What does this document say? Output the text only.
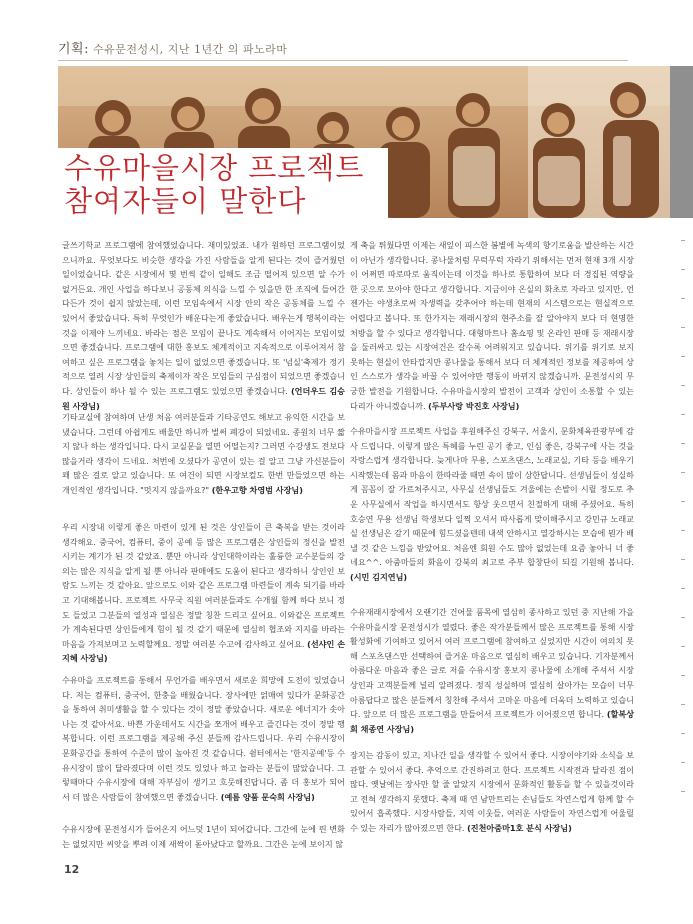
기획: 수유문전성시, 지난 1년간 의 파노라마
수유마을시장 프로젝트
참여자들이 말한다

글쓰기학교 프로그램에 참여했었습니다. 재미있었죠. 내가 원하던 프로그램이었으니까요. 무엇보다도 비슷한 생각을 가진 사람들을 알게 된다는 것이 즐거웠던 일이었습니다. 같은 시장에서 몇 번씩 같이 일해도 조금 떨어져 있으면 알 수가 없거든요. 개인 사업을 하다보니 공동체 의식을 느낄 수 있을만 한 조직에 들어간다든가 것이 쉽지 않았는데, 이런 모임속에서 시장 안의 작은 공동체를 느낄 수 있어서 좋았습니다. 특히 무엇인가 배운다는게 좋았습니다. 배우는게 행복이라는 것을 이제야 느끼네요. 바라는 점은 모임이 끝나도 계속해서 이어지는 모임이었으면 좋겠습니다. 프로그램에 대한 홍보도 체계적이고 지속적으로 이루어져서 참여하고 싶은 프로그램을 놓치는 일이 없었으면 좋겠습니다. 또 '넘실'축제가 정기적으로 열려 시장 상인들의 축제이자 작은 모임들의 구심점이 되었으면 좋겠습니다. 상인들이 하나 될 수 있는 프로그램도 있었으면 좋겠습니다. (언더우드 김승원 사장님)

기타교실에 참여하며 난생 처음 여러분들과 기타공연도 해보고 유익한 시간을 보냈습니다. 그런데 아쉽게도 배울만 하니까 벌써 폐강이 되었네요. 종원치 너무 짧지 않나 하는 생각입니다. 다시 교실문을 열면 어떨는지? 그러면 수강생도 전보다 많을거라 생각이 드네요. 처번에 오셨다가 공연이 있는 걸 알고 그냥 가신분들이 꽤 많은 걸로 알고 있습니다. 또 여건이 되면 시장보컬도 한번 만들었으면 하는 개인적인 생각입니다. "멋지지 않을까요?" (한우고향 차영범 사장님)

우리 시장내 이렇게 좋은 마련이 있게 된 것은 상인들이 큰 축복을 받는 것이라 생각해요. 중국어, 컴퓨터, 중이 공예 등 많은 프로그램은 상인들의 정신을 발전 시키는 계기가 된 것 같았죠. 뿐만 아니라 상인대학이라는 훌륭한 교수분들의 강의는 많은 지식을 알게 될 뿐 아니라 판매에도 도움이 된다고 생각하니 상인인 보람도 느끼는 것 같아요. 앞으로도 이와 같은 프로그램 마련들이 계속 되기를 바라고 기대해봅니다. 프로젝트 사무국 직원 여러분들과도 수개월 함께 하다 보니 정도 들었고 그분들의 열성과 열심은 정말 칭찬 드리고 싶어요. 이와같은 프로젝트가 계속된다면 상인들에게 힘이 될 것 같기 때문에 열심히 협조와 지지를 바라는 마음을 가져보며고 노력할께요. 정말 여러분 수고에 감사하고 싶어요. (선샤인 손지혜 사장님)

수유마을 프로젝트를 통해서 무언가를 배우면서 새로운 희망에 도전이 있었습니다. 저는 컴퓨터, 중국어, 한충을 배웠습니다. 장사에만 얽매여 있다가 문화공간을 통하여 취미생활을 할 수 있다는 것이 정말 좋았습니다. 새로운 에너지가 솟아나는 것 같아서요. 바쁜 가운데서도 시간을 쪼개어 배우고 즐긴다는 것이 정말 행복합니다. 이런 프로그램을 제공해 주신 분들께 감사드립니다. 우리 수유시장이 문화공간을 통하여 수준이 많이 높아진 것 같습니다. 쉼터에서는 '한지공예'등 수유시장이 많이 달라졌다며 이런 것도 있었나 하고 놀라는 분들이 많았습니다. 그렇때마다 수유시장에 대해 자부심이 생기고 흐뭇해진답니다. 좀 더 홍보가 되어서 더 많은 사람들이 참여했으면 좋겠습니다. (예름 양품 문숙희 사장님)

수유시장에 문전성시가 들어온지 어느덧 1년이 되어갑니다. 그간에 눈에 띈 변화는 없었지만 씨앗을 뿌려 이제 새싹이 돋아났다고 할까요. 그간은 눈에 보이지 않

게 축을 튀웠다면 이제는 새잎이 피스한 봄볕에 녹색의 향기로움을 발산하는 시간이 아닌가 생각합니다. 콩나물처럼 무럭무럭 자라기 위해서는 먼저 현재 3개 시장이 어쩌면 따로따로 움직이는데 이것을 하나로 통합하여 보다 더 경집된 역량을 한 곳으로 모아야 한다고 생각합니다. 지금이야 온실의 화초로 자라고 있지만, 언젠가는 야생초로써 자생력을 갖추어야 하는데 현재의 시스템으로는 현실적으로 어렵다고 봅니다. 또 한가지는 재래시장의 현주소를 잘 알아야지 보다 더 현명한 처방을 할 수 있다고 생각합니다. 대형마트나 홈쇼핑 및 온라인 판매 등 재래시장을 둘러싸고 있는 시장여건은 갈수록 어려워지고 있습니다. 위기를 위기로 보지 못하는 현실이 안타깝지만 콩나물을 통해서 보다 더 체계적인 정보를 제공하여 상인 스스로가 생각을 바꿀 수 있어야만 행동이 바뀌지 않겠습니까. 문전성시의 무궁한 발전을 기원합니다. 수유마을시장의 발전이 고객과 상인이 소통할 수 있는 다리가 아니겠습니까. (두부사랑 박진호 사장님)

수유마을시장 프로젝트 사업을 후원해주신 강북구, 서울시, 문화체육관광부에 감사 드립니다. 이렇게 많은 특혜를 누린 공기 좋고, 인심 좋은, 강북구에 사는 것을 자랑스럽게 생각합니다. 늦게나마 무용, 스포츠댄스, 노래교실, 기타 등을 배우기 시작했는데 몸과 마음이 한따라줄 때면 속이 많이 상한답니다. 선생님들이 성실하게 꼼꼼이 잘 가르쳐주시고, 사무실 선생님들도 겨울에는 손발이 시릴 정도로 추운 사무실에서 작업을 하시면서도 항상 웃으면서 친절하게 대해 주셨어요. 특히 호승연 무용 선생님 학생보다 일찍 오셔서 따사롭게 맞이해주시고 강민규 노래교실 선생님은 감기 때문에 힘드셨을텐데 내색 안하시고 열강하시는 모습에 뭔가 배낼 것 같은 느낌을 받았어요. 처음엔 회원 수도 많아 없었는데 요즘 놓아니 너 좋네요^^. 아줌마들의 화음이 강북의 최고로 주부 합창단이 되길 기원해 봅니다. (시민 김지연님)

수유재래시장에서 오랜기간 건어물 품목에 열심히 종사하고 있던 중 지난해 가을 수유마을시장 문전성시가 열렸다. 좋은 작가분들께서 많은 프로젝트를 통해 시장 활성화에 기여하고 있어서 여러 프로그램에 참여하고 싶었지만 시간이 여의치 못해 스포츠댄스만 선택하여 즐거운 마음으로 열심히 배우고 있습니다. 기자분께서 아름다운 마음과 좋은 글로 저를 수유시장 홍보지 콩나물에 소개해 주셔서 시장 상인과 고객분들께 널리 알려졌다. 정직 성실하며 열심히 살아가는 모습이 너무 아름답다고 많은 분들께서 칭찬해 주셔서 고마운 마음에 더욱더 노력하고 있습니다. 앞으로 더 많은 프로그램을 만들어서 프로젝트가 이어졌으면 합니다. (할복상회 채종연 사장님)

장지는 감동이 있고, 지나간 일을 생각할 수 있어서 좋다. 시장이야기와 소식을 보관할 수 있어서 좋다. 추억으로 간진하려고 한다. 프로젝트 시작전과 달라진 점이 많다. 옛날에는 장사만 할 줄 알았지 시장에서 문화적인 활동을 할 수 있을것이라고 전혀 생각하지 못했다. 축제 때 연 남만트리는 손님들도 자연스럽게 함께 할 수 있어서 흡족했다. 시장사람들, 지역 이웃들, 여러운 사람들이 자연스럽게 어울릴 수 있는 자리가 많아졌으면 한다. (진천아줌마1호 분식 사장님)

12
